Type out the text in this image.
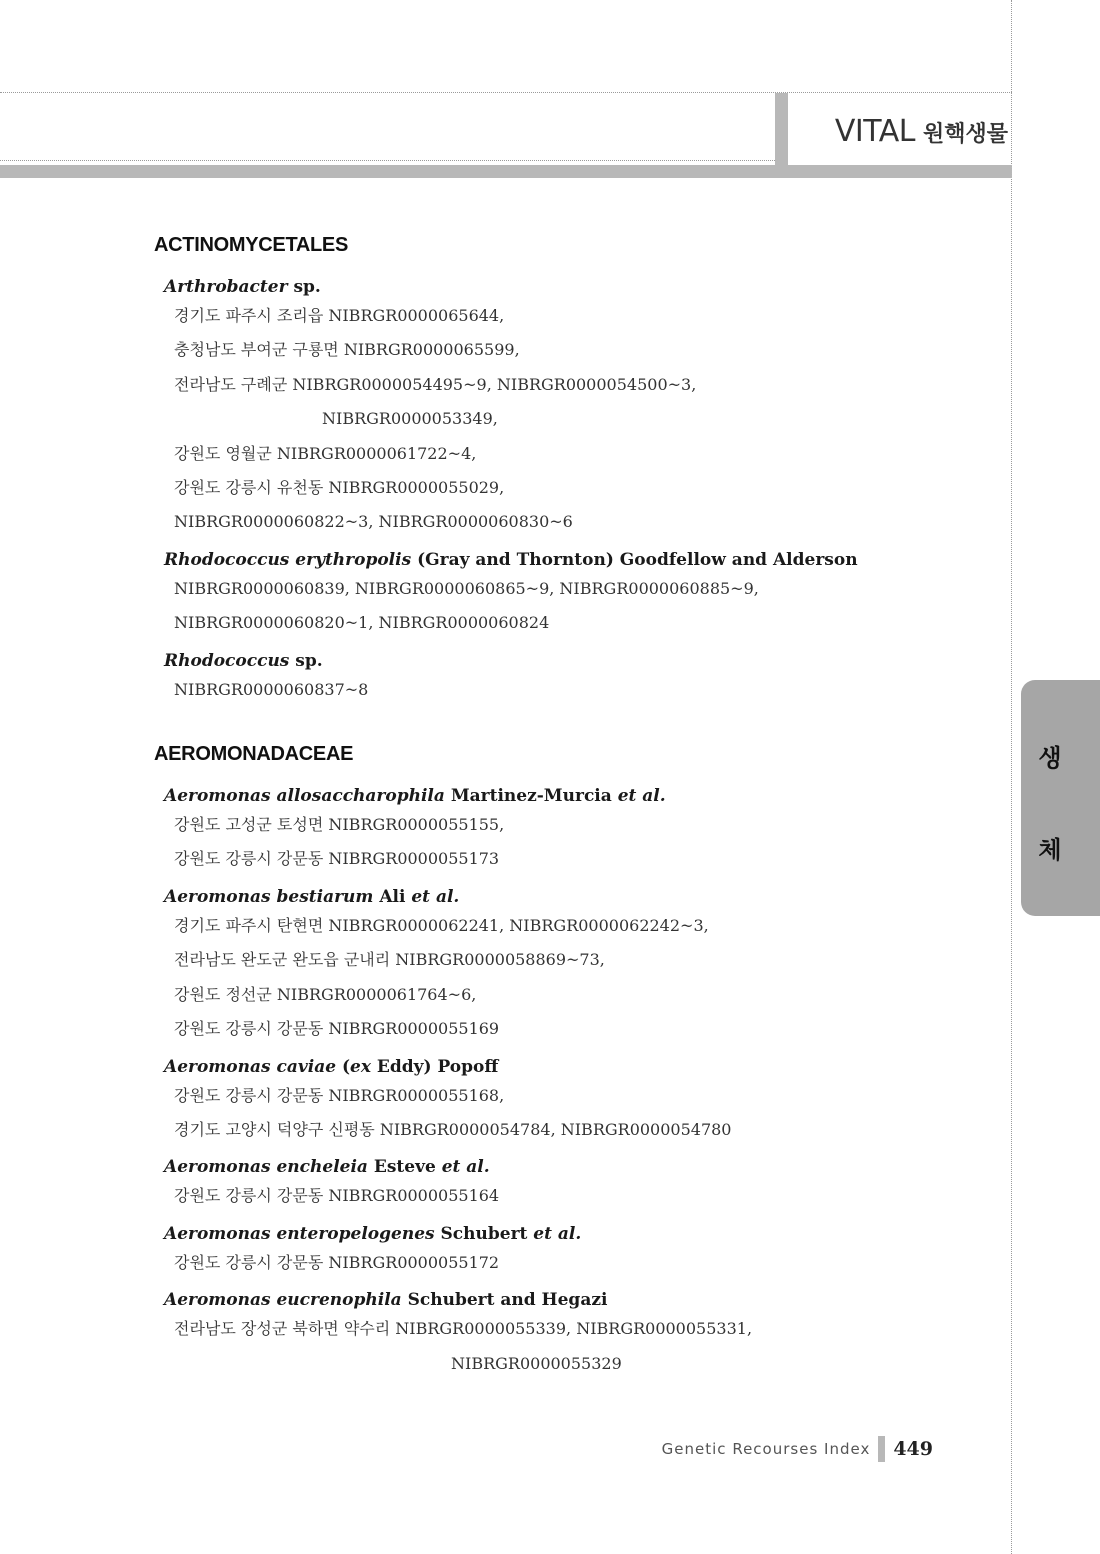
VITAL 원핵생물
생
체
ACTINOMYCETALES
Arthrobacter sp.
경기도 파주시 조리읍 NIBRGR0000065644,
충청남도 부여군 구룡면 NIBRGR0000065599,
전라남도 구례군 NIBRGR0000054495~9, NIBRGR0000054500~3,
NIBRGR0000053349,
강원도 영월군 NIBRGR0000061722~4,
강원도 강릉시 유천동 NIBRGR0000055029,
NIBRGR0000060822~3, NIBRGR0000060830~6
Rhodococcus erythropolis (Gray and Thornton) Goodfellow and Alderson
NIBRGR0000060839, NIBRGR0000060865~9, NIBRGR0000060885~9,
NIBRGR0000060820~1, NIBRGR0000060824
Rhodococcus sp.
NIBRGR0000060837~8
AEROMONADACEAE
Aeromonas allosaccharophila Martinez-Murcia et al.
강원도 고성군 토성면 NIBRGR0000055155,
강원도 강릉시 강문동 NIBRGR0000055173
Aeromonas bestiarum Ali et al.
경기도 파주시 탄현면 NIBRGR0000062241, NIBRGR0000062242~3,
전라남도 완도군 완도읍 군내리 NIBRGR0000058869~73,
강원도 정선군 NIBRGR0000061764~6,
강원도 강릉시 강문동 NIBRGR0000055169
Aeromonas caviae (ex Eddy) Popoff
강원도 강릉시 강문동 NIBRGR0000055168,
경기도 고양시 덕양구 신평동 NIBRGR0000054784, NIBRGR0000054780
Aeromonas encheleia Esteve et al.
강원도 강릉시 강문동 NIBRGR0000055164
Aeromonas enteropelogenes Schubert et al.
강원도 강릉시 강문동 NIBRGR0000055172
Aeromonas eucrenophila Schubert and Hegazi
전라남도 장성군 북하면 약수리 NIBRGR0000055339, NIBRGR0000055331,
NIBRGR0000055329
Genetic Recourses Index 449
